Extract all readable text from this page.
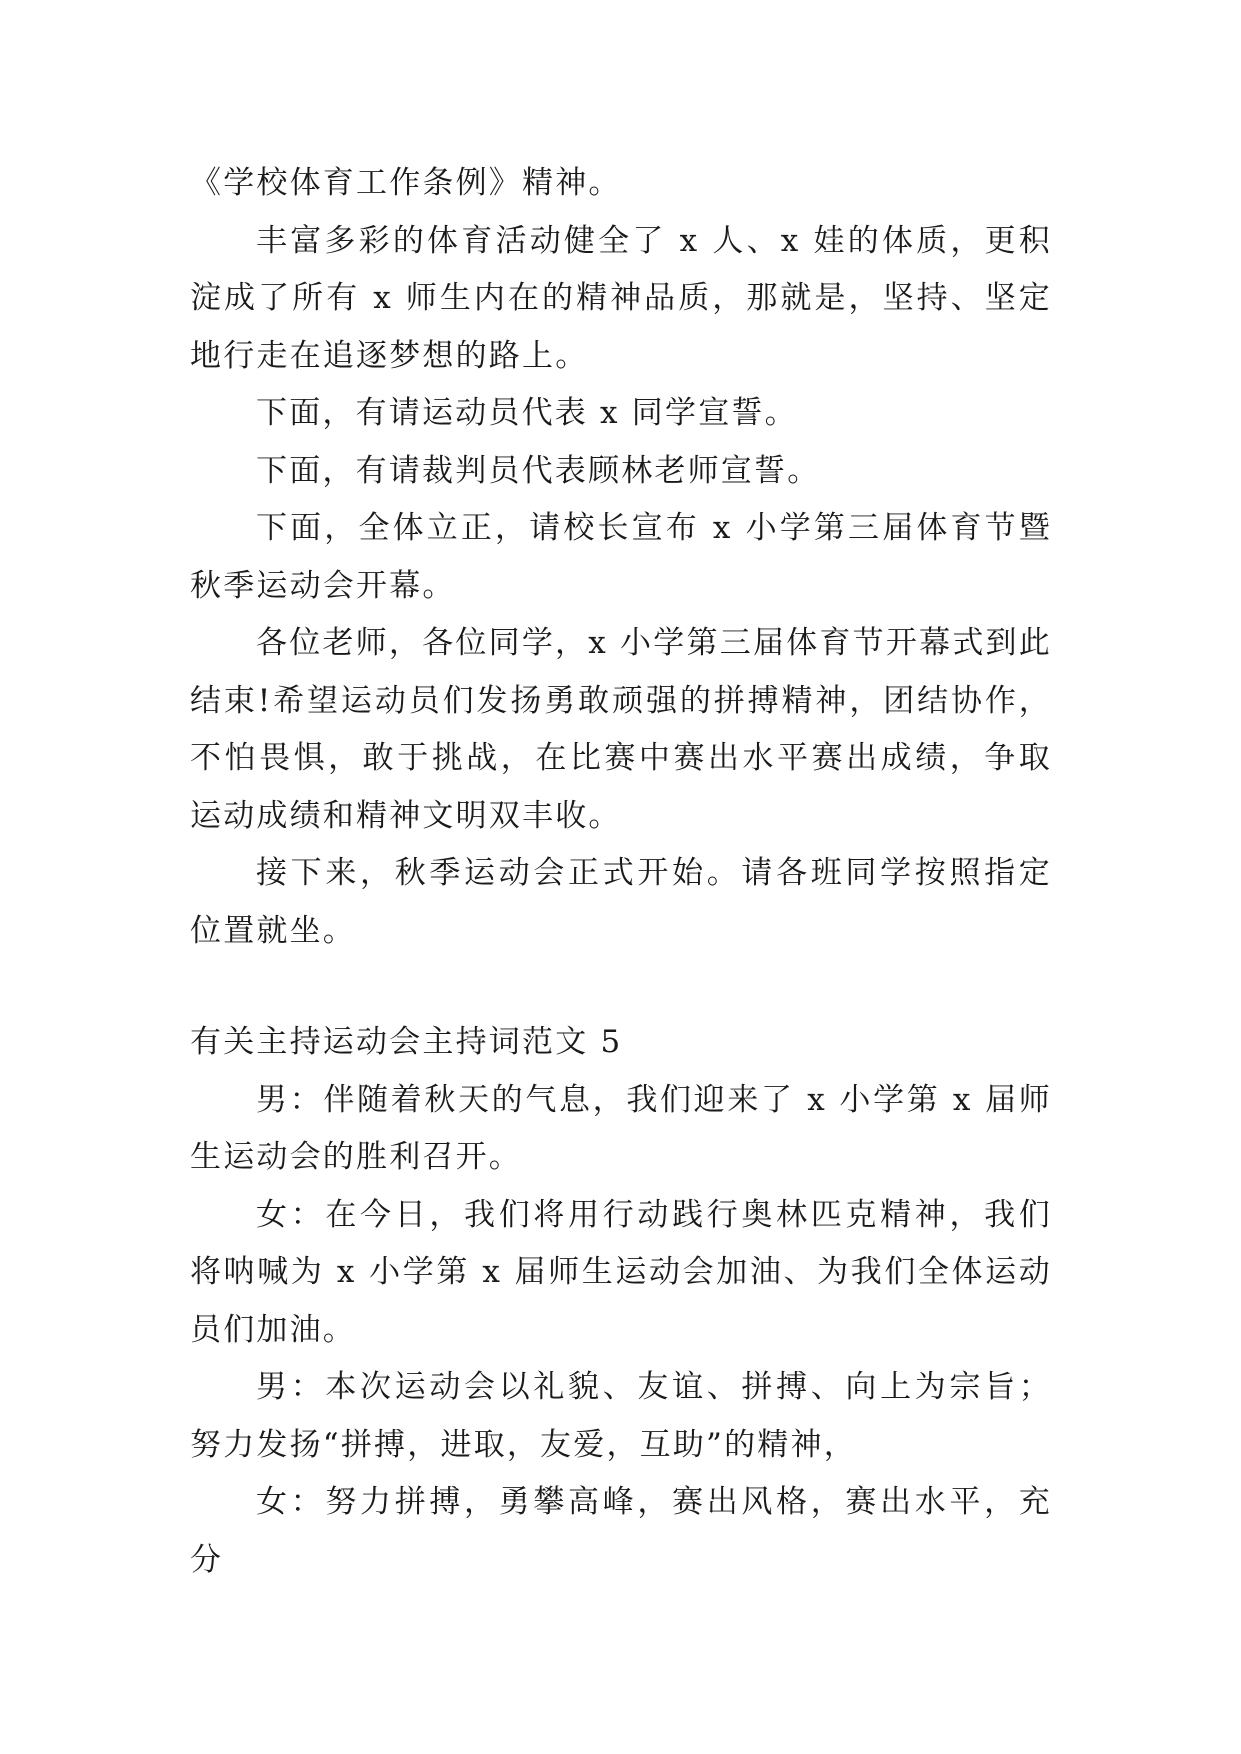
《学校体育工作条例》精神。

丰富多彩的体育活动健全了 x 人、x 娃的体质，更积淀成了所有 x 师生内在的精神品质，那就是，坚持、坚定地行走在追逐梦想的路上。

下面，有请运动员代表 x 同学宣誓。

下面，有请裁判员代表顾林老师宣誓。

下面，全体立正，请校长宣布 x 小学第三届体育节暨秋季运动会开幕。

各位老师，各位同学，x 小学第三届体育节开幕式到此结束!希望运动员们发扬勇敢顽强的拼搏精神，团结协作，不怕畏惧，敢于挑战，在比赛中赛出水平赛出成绩，争取运动成绩和精神文明双丰收。

接下来，秋季运动会正式开始。请各班同学按照指定位置就坐。

有关主持运动会主持词范文 5

男：伴随着秋天的气息，我们迎来了 x 小学第 x 届师生运动会的胜利召开。

女：在今日，我们将用行动践行奥林匹克精神，我们将呐喊为 x 小学第 x 届师生运动会加油、为我们全体运动员们加油。

男：本次运动会以礼貌、友谊、拼搏、向上为宗旨；努力发扬“拼搏，进取，友爱，互助”的精神，

女：努力拼搏，勇攀高峰，赛出风格，赛出水平，充分
